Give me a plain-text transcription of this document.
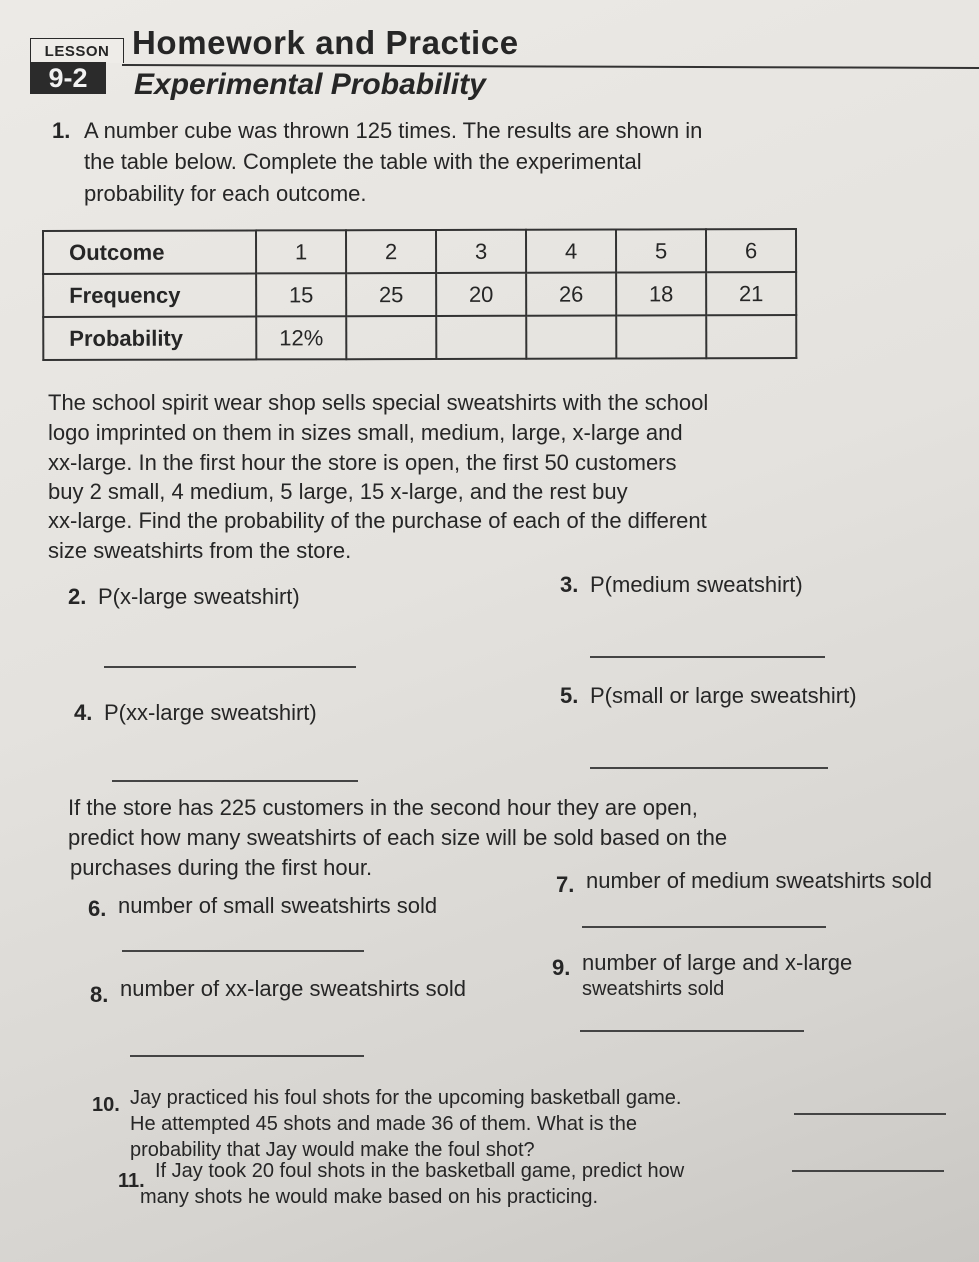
LESSON
9-2
Homework and Practice
Experimental Probability
1. A number cube was thrown 125 times. The results are shown in
the table below. Complete the table with the experimental
probability for each outcome.
Outcome	1	2	3	4	5	6
Frequency	15	25	20	26	18	21
Probability	12%					
The school spirit wear shop sells special sweatshirts with the school
logo imprinted on them in sizes small, medium, large, x-large and
xx-large. In the first hour the store is open, the first 50 customers
buy 2 small, 4 medium, 5 large, 15 x-large, and the rest buy
xx-large. Find the probability of the purchase of each of the different
size sweatshirts from the store.
2. P(x-large sweatshirt)	3. P(medium sweatshirt)
4. P(xx-large sweatshirt)
5. P(small or large sweatshirt)
If the store has 225 customers in the second hour they are open,
predict how many sweatshirts of each size will be sold based on the
purchases during the first hour.
6. number of small sweatshirts sold
7. number of medium sweatshirts sold
8. number of xx-large sweatshirts sold
9. number of large and x-large
sweatshirts sold
10. Jay practiced his foul shots for the upcoming basketball game.
He attempted 45 shots and made 36 of them. What is the
probability that Jay would make the foul shot?
11. If Jay took 20 foul shots in the basketball game, predict how
many shots he would make based on his practicing.
